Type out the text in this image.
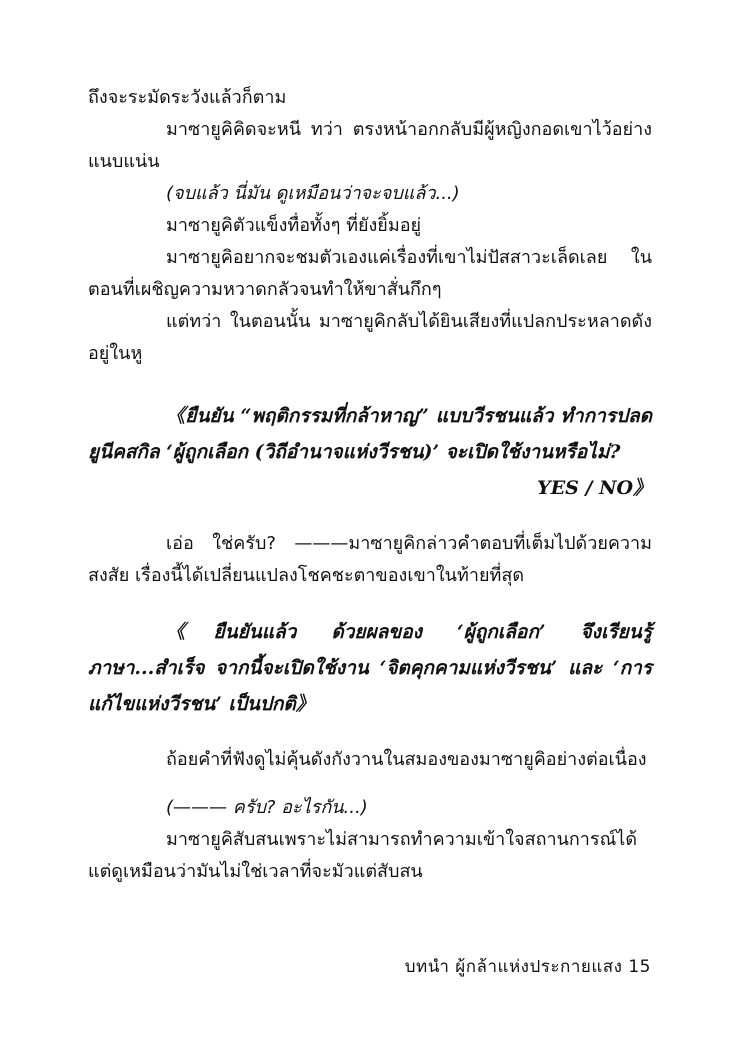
ถึงจะระมัดระวังแล้วก็ตาม

มาซายูคิคิดจะหนี ทว่า ตรงหน้าอกกลับมีผู้หญิงกอดเขาไว้อย่างแนบแน่น

(จบแล้ว นี่มัน ดูเหมือนว่าจะจบแล้ว...)

มาซายูคิตัวแข็งทื่อทั้งๆ ที่ยังยิ้มอยู่

มาซายูคิอยากจะชมตัวเองแค่เรื่องที่เขาไม่ปัสสาวะเล็ดเลย ในตอนที่เผชิญความหวาดกลัวจนทำให้ขาสั่นกึกๆ

แต่ทว่า ในตอนนั้น มาซายูคิกลับได้ยินเสียงที่แปลกประหลาดดังอยู่ในหู

《ยืนยัน “พฤติกรรมที่กล้าหาญ” แบบวีรชนแล้ว ทำการปลดยูนีคสกิล ‘ผู้ถูกเลือก (วิถีอำนาจแห่งวีรชน)’ จะเปิดใช้งานหรือไม่?

YES / NO》

เอ่อ ใช่ครับ? ———มาซายูคิกล่าวคำตอบที่เต็มไปด้วยความสงสัย เรื่องนี้ได้เปลี่ยนแปลงโชคชะตาของเขาในท้ายที่สุด

《ยืนยันแล้ว ด้วยผลของ ‘ผู้ถูกเลือก’ จึงเรียนรู้ภาษา...สำเร็จ จากนี้จะเปิดใช้งาน ‘จิตคุกคามแห่งวีรชน’ และ ‘การแก้ไขแห่งวีรชน’ เป็นปกติ》

ถ้อยคำที่ฟังดูไม่คุ้นดังกังวานในสมองของมาซายูคิอย่างต่อเนื่อง

(——— ครับ? อะไรกัน...)

มาซายูคิสับสนเพราะไม่สามารถทำความเข้าใจสถานการณ์ได้ แต่ดูเหมือนว่ามันไม่ใช่เวลาที่จะมัวแต่สับสน

บทนำ ผู้กล้าแห่งประกายแสง 15
